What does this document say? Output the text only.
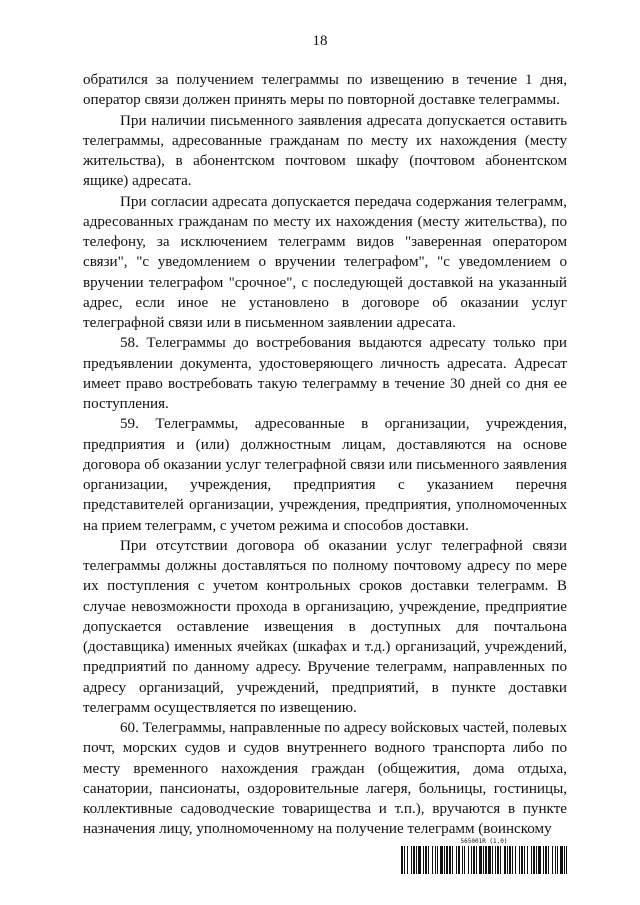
18

обратился за получением телеграммы по извещению в течение 1 дня, оператор связи должен принять меры по повторной доставке телеграммы.

При наличии письменного заявления адресата допускается оставить телеграммы, адресованные гражданам по месту их нахождения (месту жительства), в абонентском почтовом шкафу (почтовом абонентском ящике) адресата.

При согласии адресата допускается передача содержания телеграмм, адресованных гражданам по месту их нахождения (месту жительства), по телефону, за исключением телеграмм видов "заверенная оператором связи", "с уведомлением о вручении телеграфом", "с уведомлением о вручении телеграфом "срочное", с последующей доставкой на указанный адрес, если иное не установлено в договоре об оказании услуг телеграфной связи или в письменном заявлении адресата.

58. Телеграммы до востребования выдаются адресату только при предъявлении документа, удостоверяющего личность адресата. Адресат имеет право востребовать такую телеграмму в течение 30 дней со дня ее поступления.

59. Телеграммы, адресованные в организации, учреждения, предприятия и (или) должностным лицам, доставляются на основе договора об оказании услуг телеграфной связи или письменного заявления организации, учреждения, предприятия с указанием перечня представителей организации, учреждения, предприятия, уполномоченных на прием телеграмм, с учетом режима и способов доставки.

При отсутствии договора об оказании услуг телеграфной связи телеграммы должны доставляться по полному почтовому адресу по мере их поступления с учетом контрольных сроков доставки телеграмм. В случае невозможности прохода в организацию, учреждение, предприятие допускается оставление извещения в доступных для почтальона (доставщика) именных ячейках (шкафах и т.д.) организаций, учреждений, предприятий по данному адресу. Вручение телеграмм, направленных по адресу организаций, учреждений, предприятий, в пункте доставки телеграмм осуществляется по извещению.

60. Телеграммы, направленные по адресу войсковых частей, полевых почт, морских судов и судов внутреннего водного транспорта либо по месту временного нахождения граждан (общежития, дома отдыха, санатории, пансионаты, оздоровительные лагеря, больницы, гостиницы, коллективные садоводческие товарищества и т.п.), вручаются в пункте назначения лицу, уполномоченному на получение телеграмм (воинскому

565001R (1.0)
